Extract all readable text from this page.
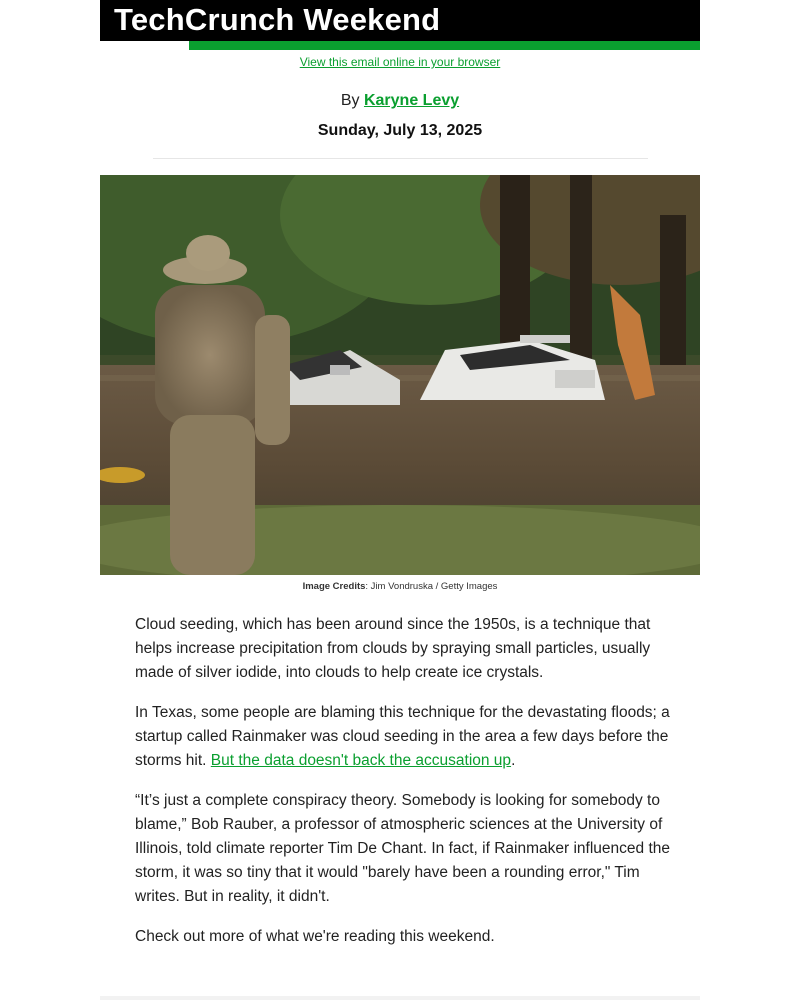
TechCrunch Weekend
View this email online in your browser
By Karyne Levy
Sunday, July 13, 2025
Image Credits: Jim Vondruska / Getty Images

Cloud seeding, which has been around since the 1950s, is a technique that helps increase precipitation from clouds by spraying small particles, usually made of silver iodide, into clouds to help create ice crystals.

In Texas, some people are blaming this technique for the devastating floods; a startup called Rainmaker was cloud seeding in the area a few days before the storms hit. But the data doesn't back the accusation up.

“It’s just a complete conspiracy theory. Somebody is looking for somebody to blame,” Bob Rauber, a professor of atmospheric sciences at the University of Illinois, told climate reporter Tim De Chant. In fact, if Rainmaker influenced the storm, it was so tiny that it would "barely have been a rounding error," Tim writes. But in reality, it didn't.

Check out more of what we're reading this weekend.
